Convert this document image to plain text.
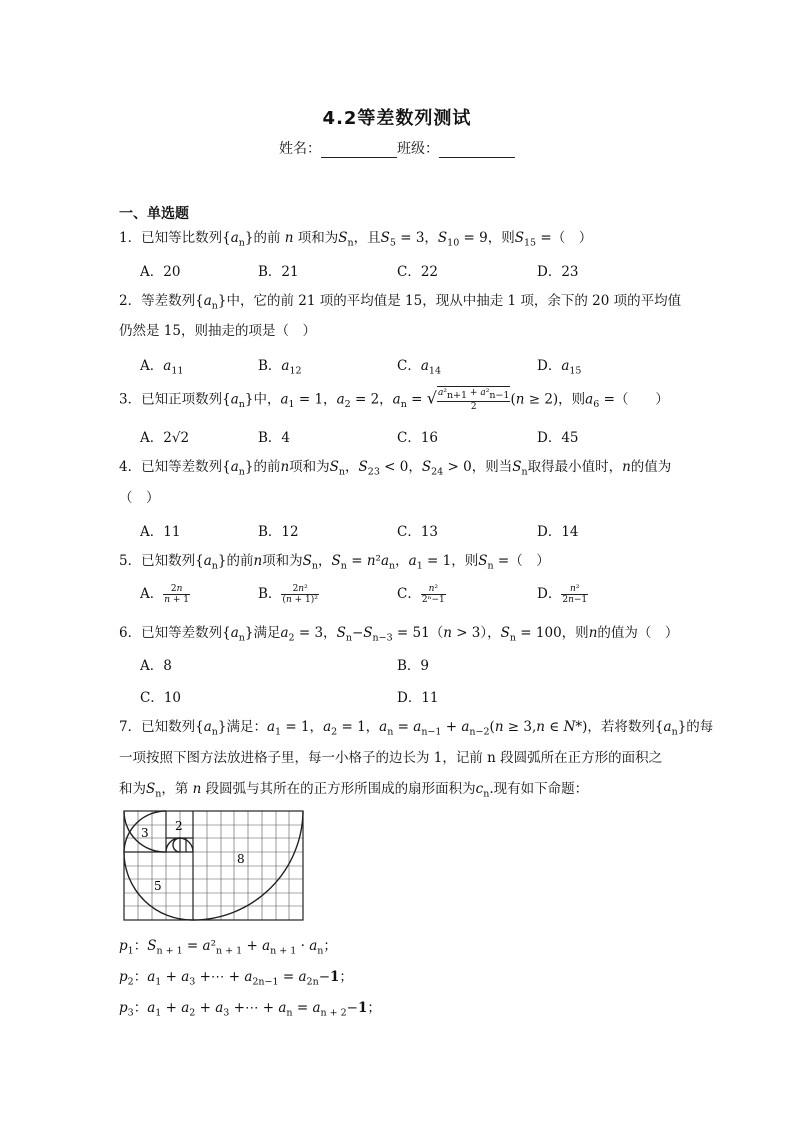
4.2等差数列测试
姓名：	班级：
一、单选题
1．已知等比数列$\{a_n\}$的前 n 项和为$S_n$，且$S_5 = 3$，$S_{10} = 9$，则$S_{15}$ =（　）
A．20	B．21	C．22	D．23
2．等差数列$\{a_n\}$中，它的前 21 项的平均值是 15，现从中抽走 1 项，余下的 20 项的平均值
仍然是 15，则抽走的项是（　）
A．$a_{11}$	B．$a_{12}$	C．$a_{14}$	D．$a_{15}$
3．已知正项数列$\{a_n\}$中，$a_1 = 1$，$a_2 = 2$，$a_n$ = √ $\frac{a^2_{n+1} + a^2_{n-1}}{2} (n \ge 2)$，则$a_6$ =（　　）
A．2√2	B．4	C．16	D．45
4．已知等差数列$\{a_n\}$的前n项和为$S_n$，$S_{23} < 0$，$S_{24} > 0$，则当$S_n$取得最小值时，n的值为
（　）
A．11	B．12	C．13	D．14
5．已知数列$\{a_n\}$的前n项和为$S_n$，$S_n = n^2a_n$，$a_1 = 1$，则$S_n$ =（　）
A． $\frac{2n}{n + 1}$	B． $\frac{\text{2n²}}{\text{(n + 1)²}}$	C． $\frac{\text{n²}}{\text{2ⁿ−1}}$	D． $\frac{\text{n²}}{2n-1}$
6．已知等差数列$\{a_n\}$满足$a_2 = 3$，$S_n-S_{n-3} = 51(n > 3)$，$S_n = 100$，则n的值为（　）
A．8	B．9
C．10	D．11
7．已知数列$\{a_n\}$满足：$a_1 = 1$，$a_2 = 1$，$a_n = a_{n-1} + a_{n-2}(n \ge 3,n$ ∈ N*)，若将数列$\{a_n\}$的每
一项按照下图方法放进格子里，每一小格子的边长为 1，记前 n 段圆弧所在正方形的面积之
和为$S_n$，第 n 段圆弧与其所在的正方形所围成的扇形面积为$c_n$.现有如下命题：
3 2
8
5
$p_1$：$S_{n + 1} = a^2_{n + 1} + a_{n + 1} \cdot a_n$；
$p_2$：$a_1 + a_3$ +⋯ + $a_{2n-1} = a_{2n}-1$；
$p_3$：$a_1 + a_2 + a_3$ +⋯ + $a_n = a_{n + 2}-1$；
